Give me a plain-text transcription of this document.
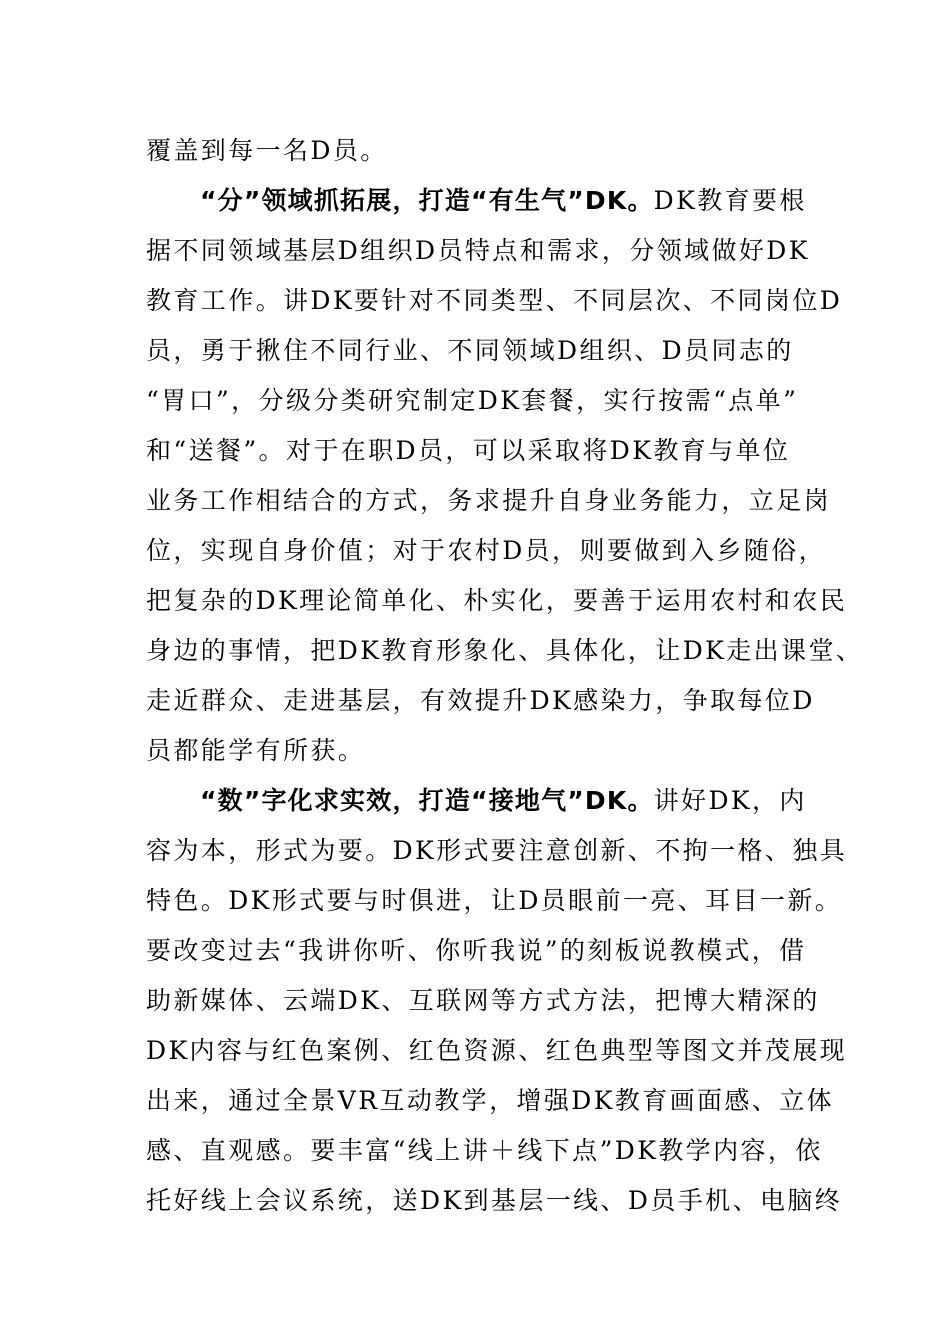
覆盖到每一名D员。
“分”领域抓拓展，打造“有生气”DK。DK教育要根
据不同领域基层D组织D员特点和需求，分领域做好DK
教育工作。讲DK要针对不同类型、不同层次、不同岗位D
员，勇于揪住不同行业、不同领域D组织、D员同志的
“胃口”，分级分类研究制定DK套餐，实行按需“点单”
和“送餐”。对于在职D员，可以采取将DK教育与单位
业务工作相结合的方式，务求提升自身业务能力，立足岗
位，实现自身价值；对于农村D员，则要做到入乡随俗，
把复杂的DK理论简单化、朴实化，要善于运用农村和农民
身边的事情，把DK教育形象化、具体化，让DK走出课堂、
走近群众、走进基层，有效提升DK感染力，争取每位D
员都能学有所获。
“数”字化求实效，打造“接地气”DK。讲好DK，内
容为本，形式为要。DK形式要注意创新、不拘一格、独具
特色。DK形式要与时俱进，让D员眼前一亮、耳目一新。
要改变过去“我讲你听、你听我说”的刻板说教模式，借
助新媒体、云端DK、互联网等方式方法，把博大精深的
DK内容与红色案例、红色资源、红色典型等图文并茂展现
出来，通过全景VR互动教学，增强DK教育画面感、立体
感、直观感。要丰富“线上讲＋线下点”DK教学内容，依
托好线上会议系统，送DK到基层一线、D员手机、电脑终
